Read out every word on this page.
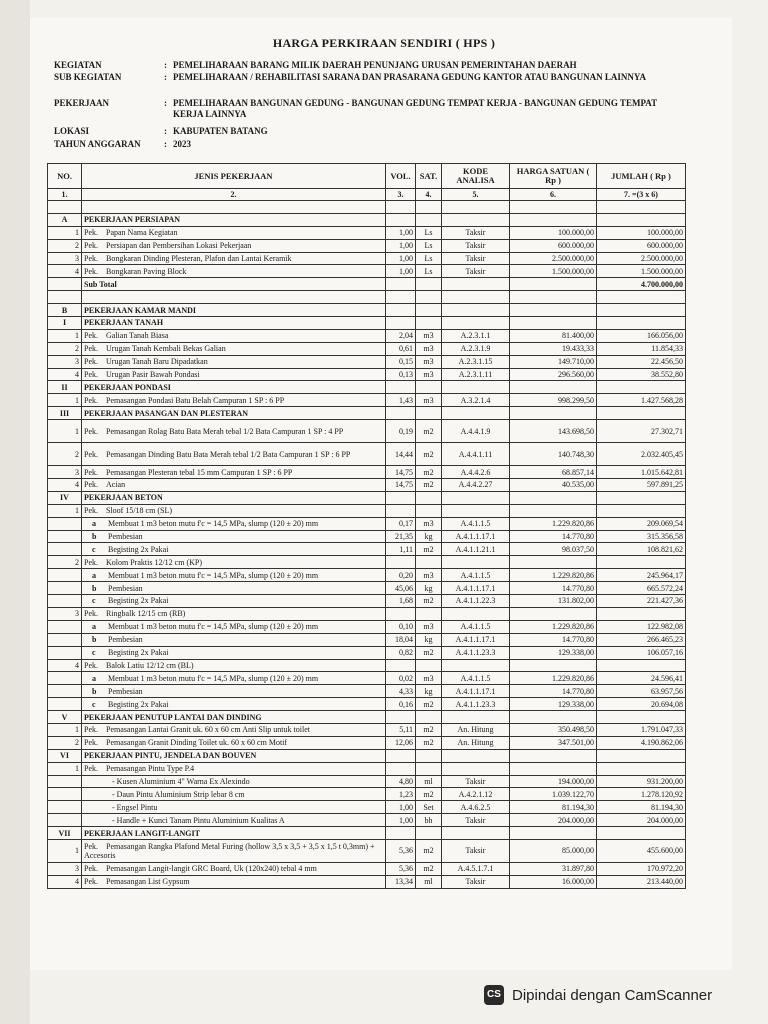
HARGA PERKIRAAN SENDIRI ( HPS )
KEGIATAN	: PEMELIHARAAN BARANG MILIK DAERAH PENUNJANG URUSAN PEMERINTAHAN DAERAH
SUB KEGIATAN	: PEMELIHARAAN / REHABILITASI SARANA DAN PRASARANA GEDUNG KANTOR ATAU BANGUNAN LAINNYA
PEKERJAAN	: PEMELIHARAAN BANGUNAN GEDUNG - BANGUNAN GEDUNG TEMPAT KERJA - BANGUNAN GEDUNG TEMPAT KERJA LAINNYA
LOKASI	: KABUPATEN BATANG
TAHUN ANGGARAN	: 2023
NO.	JENIS PEKERJAAN	VOL.	SAT.	KODE ANALISA	HARGA SATUAN ( Rp )	JUMLAH ( Rp )
1.	2.	3.	4.	5.	6.	7. =(3 x 6)

A	PEKERJAAN PERSIAPAN					
1	Pek. Papan Nama Kegiatan	1,00	Ls	Taksir	100.000,00	100.000,00
2	Pek. Persiapan dan Pembersihan Lokasi Pekerjaan	1,00	Ls	Taksir	600.000,00	600.000,00
3	Pek. Bongkaran Dinding Plesteran, Plafon dan Lantai Keramik	1,00	Ls	Taksir	2.500.000,00	2.500.000,00
4	Pek. Bongkaran Paving Block	1,00	Ls	Taksir	1.500.000,00	1.500.000,00
	Sub Total					4.700.000,00

B	PEKERJAAN KAMAR MANDI					
I	PEKERJAAN TANAH					
1	Pek. Galian Tanah Biasa	2,04	m3	A.2.3.1.1	81.400,00	166.056,00
2	Pek. Urugan Tanah Kembali Bekas Galian	0,61	m3	A.2.3.1.9	19.433,33	11.854,33
3	Pek. Urugan Tanah Baru Dipadatkan	0,15	m3	A.2.3.1.15	149.710,00	22.456,50
4	Pek. Urugan Pasir Bawah Pondasi	0,13	m3	A.2.3.1.11	296.560,00	38.552,80
II	PEKERJAAN PONDASI					
1	Pek. Pemasangan Pondasi Batu Belah Campuran 1 SP : 6 PP	1,43	m3	A.3.2.1.4	998.299,50	1.427.568,28
III	PEKERJAAN PASANGAN DAN PLESTERAN					
1	Pek. Pemasangan Rolag Batu Bata Merah tebal 1/2 Bata Campuran 1 SP : 4 PP	0,19	m2	A.4.4.1.9	143.698,50	27.302,71
2	Pek. Pemasangan Dinding Batu Bata Merah tebal 1/2 Bata Campuran 1 SP : 6 PP	14,44	m2	A.4.4.1.11	140.748,30	2.032.405,45
3	Pek. Pemasangan Plesteran tebal 15 mm Campuran 1 SP : 6 PP	14,75	m2	A.4.4.2.6	68.857,14	1.015.642,81
4	Pek. Acian	14,75	m2	A.4.4.2.27	40.535,00	597.891,25
IV	PEKERJAAN BETON					
1	Pek. Sloof 15/18 cm (SL)					
	a Membuat 1 m3 beton mutu f'c = 14,5 MPa, slump (120 ± 20) mm	0,17	m3	A.4.1.1.5	1.229.820,86	209.069,54
	b Pembesian	21,35	kg	A.4.1.1.17.1	14.770,80	315.356,58
	c Begisting 2x Pakai	1,11	m2	A.4.1.1.21.1	98.037,50	108.821,62
2	Pek. Kolom Praktis 12/12 cm (KP)					
	a Membuat 1 m3 beton mutu f'c = 14,5 MPa, slump (120 ± 20) mm	0,20	m3	A.4.1.1.5	1.229.820,86	245.964,17
	b Pembesian	45,06	kg	A.4.1.1.17.1	14.770,80	665.572,24
	c Begisting 2x Pakai	1,68	m2	A.4.1.1.22.3	131.802,00	221.427,36
3	Pek. Ringbalk 12/15 cm (RB)					
	a Membuat 1 m3 beton mutu f'c = 14,5 MPa, slump (120 ± 20) mm	0,10	m3	A.4.1.1.5	1.229.820,86	122.982,08
	b Pembesian	18,04	kg	A.4.1.1.17.1	14.770,80	266.465,23
	c Begisting 2x Pakai	0,82	m2	A.4.1.1.23.3	129.338,00	106.057,16
4	Pek. Balok Latiu 12/12 cm (BL)					
	a Membuat 1 m3 beton mutu f'c = 14,5 MPa, slump (120 ± 20) mm	0,02	m3	A.4.1.1.5	1.229.820,86	24.596,41
	b Pembesian	4,33	kg	A.4.1.1.17.1	14.770,80	63.957,56
	c Begisting 2x Pakai	0,16	m2	A.4.1.1.23.3	129.338,00	20.694,08
V	PEKERJAAN PENUTUP LANTAI DAN DINDING					
1	Pek. Pemasangan Lantai Granit uk. 60 x 60 cm Anti Slip untuk toilet	5,11	m2	An. Hitung	350.498,50	1.791.047,33
2	Pek. Pemasangan Granit Dinding Toilet uk. 60 x 60 cm Motif	12,06	m2	An. Hitung	347.501,00	4.190.862,06
VI	PEKERJAAN PINTU, JENDELA DAN BOUVEN					
1	Pek. Pemasangan Pintu Type P.4					
	- Kusen Aluminium 4" Warna Ex Alexindo	4,80	ml	Taksir	194.000,00	931.200,00
	- Daun Pintu Aluminium Strip lebar 8 cm	1,23	m2	A.4.2.1.12	1.039.122,70	1.278.120,92
	- Engsel Pintu	1,00	Set	A.4.6.2.5	81.194,30	81.194,30
	- Handle + Kunci Tanam Pintu Aluminium Kualitas A	1,00	bh	Taksir	204.000,00	204.000,00
VII	PEKERJAAN LANGIT-LANGIT					
1	Pek. Pemasangan Rangka Plafond Metal Furing (hollow 3,5 x 3,5 + 3,5 x 1,5 t 0,3mm) + Accesoris	5,36	m2	Taksir	85.000,00	455.600,00
3	Pek. Pemasangan Langit-langit GRC Board, Uk (120x240) tebal 4 mm	5,36	m2	A.4.5.1.7.1	31.897,80	170.972,20
4	Pek. Pemasangan List Gypsum	13,34	ml	Taksir	16.000,00	213.440,00
CS Dipindai dengan CamScanner
